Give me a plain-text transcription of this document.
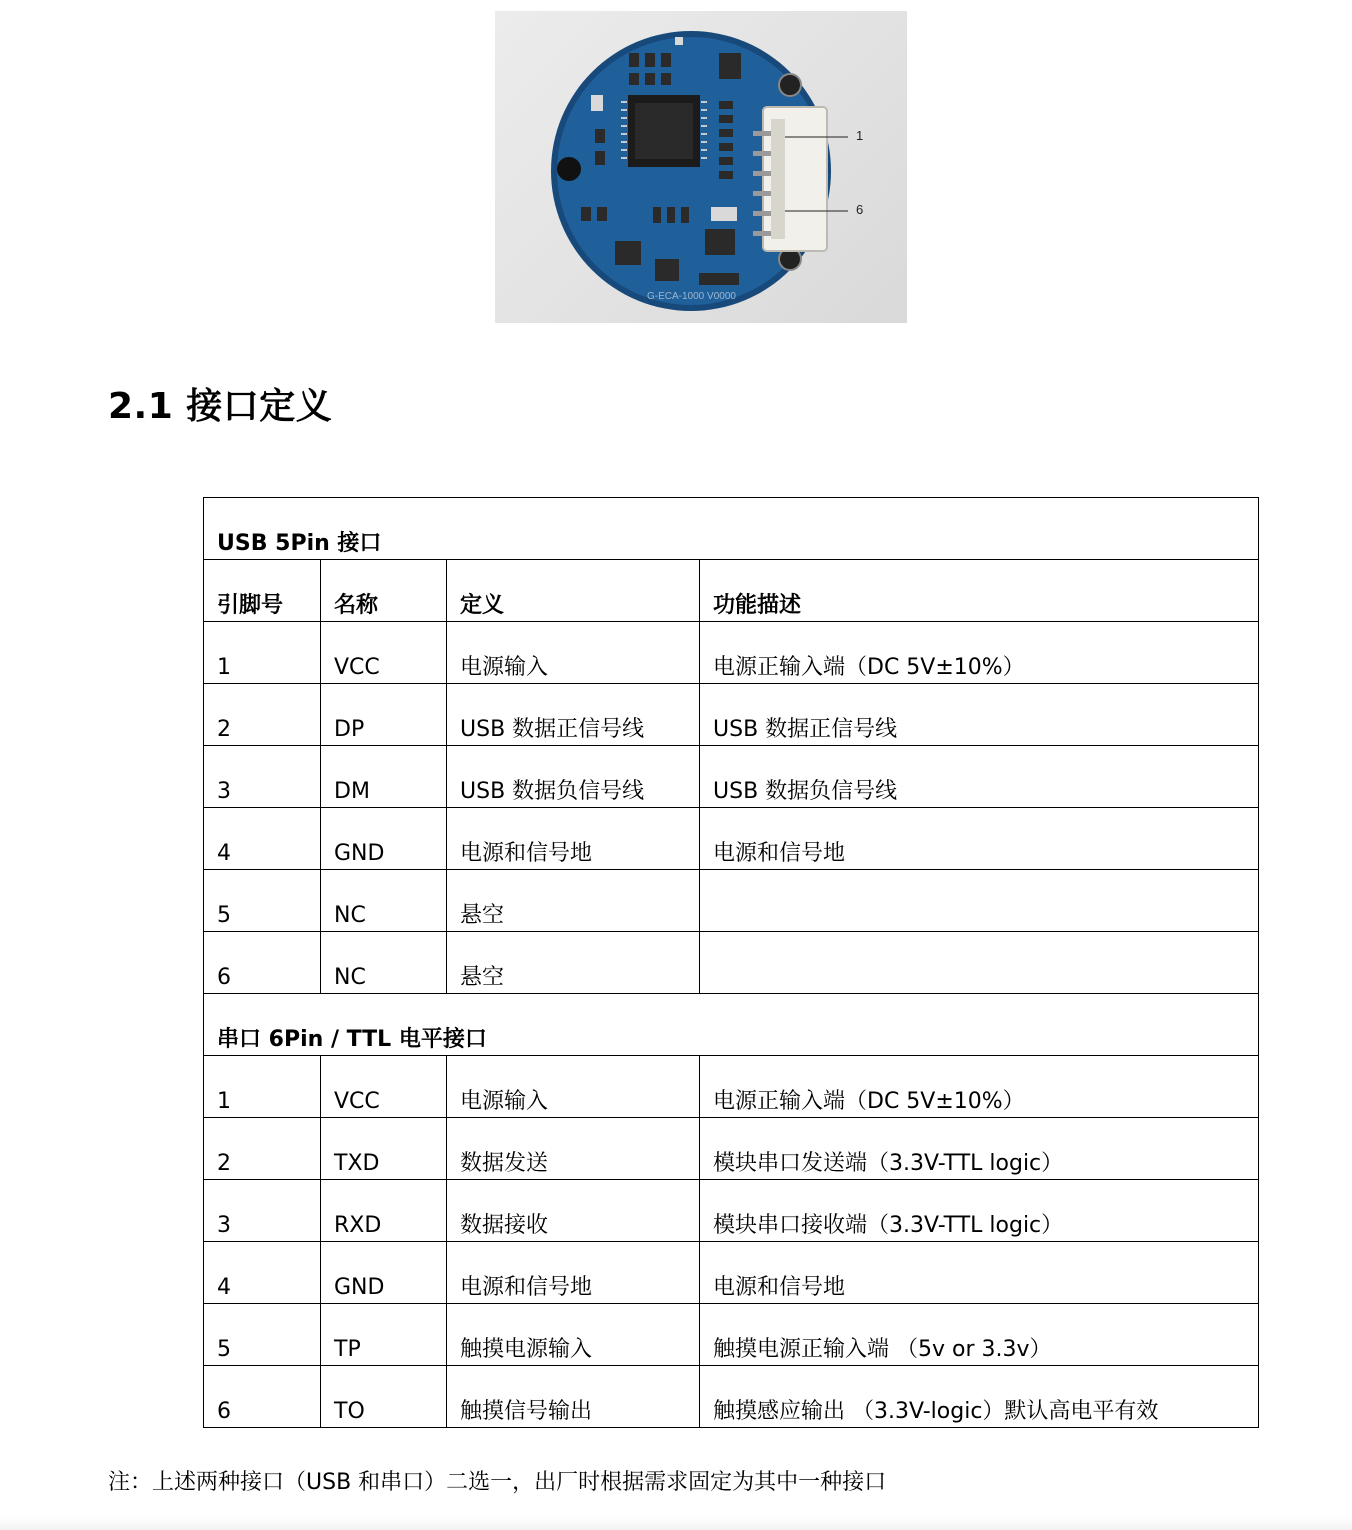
G-ECA-1000 V0000
1
6
2.1 接口定义
USB 5Pin 接口			
引脚号	名称	定义	功能描述
1	VCC	电源输入	电源正输入端（DC 5V±10%）
2	DP	USB 数据正信号线	USB 数据正信号线
3	DM	USB 数据负信号线	USB 数据负信号线
4	GND	电源和信号地	电源和信号地
5	NC	悬空	
6	NC	悬空	
串口 6Pin / TTL 电平接口			
1	VCC	电源输入	电源正输入端（DC 5V±10%）
2	TXD	数据发送	模块串口发送端（3.3V-TTL logic）
3	RXD	数据接收	模块串口接收端（3.3V-TTL logic）
4	GND	电源和信号地	电源和信号地
5	TP	触摸电源输入	触摸电源正输入端 （5v or 3.3v）
6	TO	触摸信号输出	触摸感应输出 （3.3V-logic）默认高电平有效

注：上述两种接口（USB 和串口）二选一，出厂时根据需求固定为其中一种接口
